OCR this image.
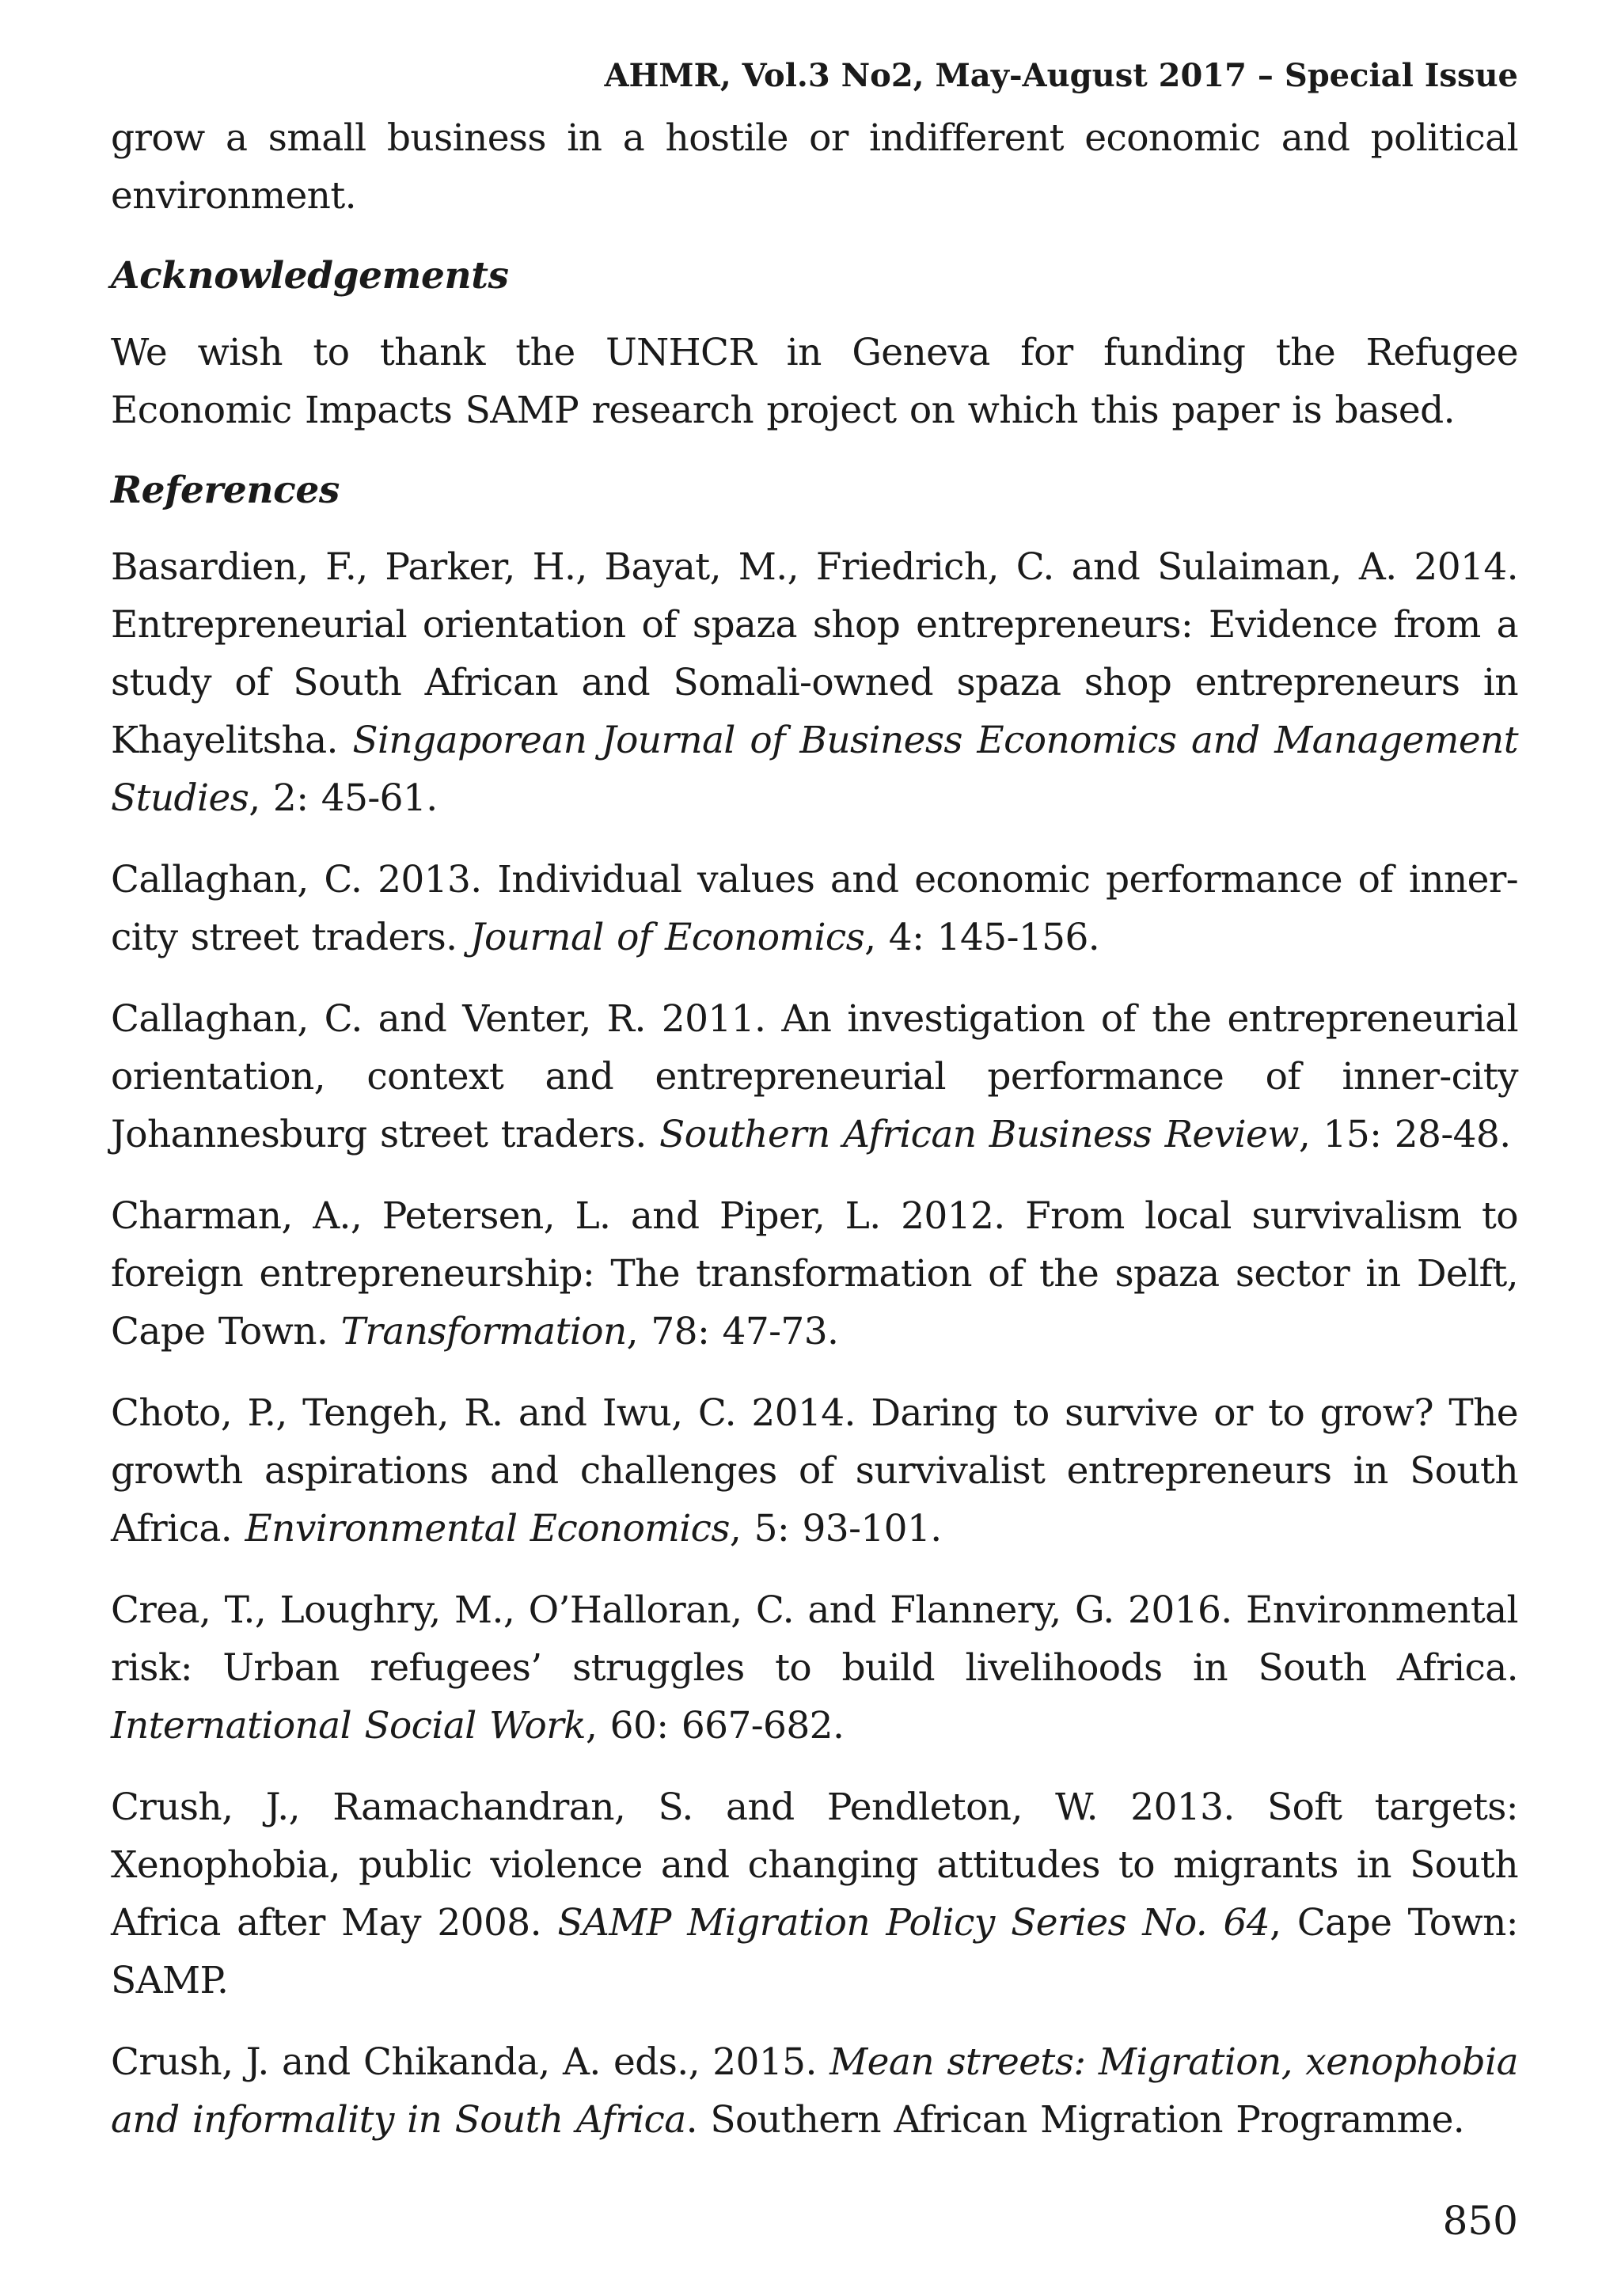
AHMR, Vol.3 No2, May-August 2017 – Special Issue

grow a small business in a hostile or indifferent economic and political environment.

Acknowledgements

We wish to thank the UNHCR in Geneva for funding the Refugee Economic Impacts SAMP research project on which this paper is based.

References

Basardien, F., Parker, H., Bayat, M., Friedrich, C. and Sulaiman, A. 2014. Entrepreneurial orientation of spaza shop entrepreneurs: Evidence from a study of South African and Somali-owned spaza shop entrepreneurs in Khayelitsha. Singaporean Journal of Business Economics and Management Studies, 2: 45-61.

Callaghan, C. 2013. Individual values and economic performance of inner-city street traders. Journal of Economics, 4: 145-156.

Callaghan, C. and Venter, R. 2011. An investigation of the entrepreneurial orientation, context and entrepreneurial performance of inner-city Johannesburg street traders. Southern African Business Review, 15: 28-48.

Charman, A., Petersen, L. and Piper, L. 2012. From local survivalism to foreign entrepreneurship: The transformation of the spaza sector in Delft, Cape Town. Transformation, 78: 47-73.

Choto, P., Tengeh, R. and Iwu, C. 2014. Daring to survive or to grow? The growth aspirations and challenges of survivalist entrepreneurs in South Africa. Environmental Economics, 5: 93-101.

Crea, T., Loughry, M., O’Halloran, C. and Flannery, G. 2016. Environmental risk: Urban refugees’ struggles to build livelihoods in South Africa. International Social Work, 60: 667-682.

Crush, J., Ramachandran, S. and Pendleton, W. 2013. Soft targets: Xenophobia, public violence and changing attitudes to migrants in South Africa after May 2008. SAMP Migration Policy Series No. 64, Cape Town: SAMP.

Crush, J. and Chikanda, A. eds., 2015. Mean streets: Migration, xenophobia and informality in South Africa. Southern African Migration Programme.

850
